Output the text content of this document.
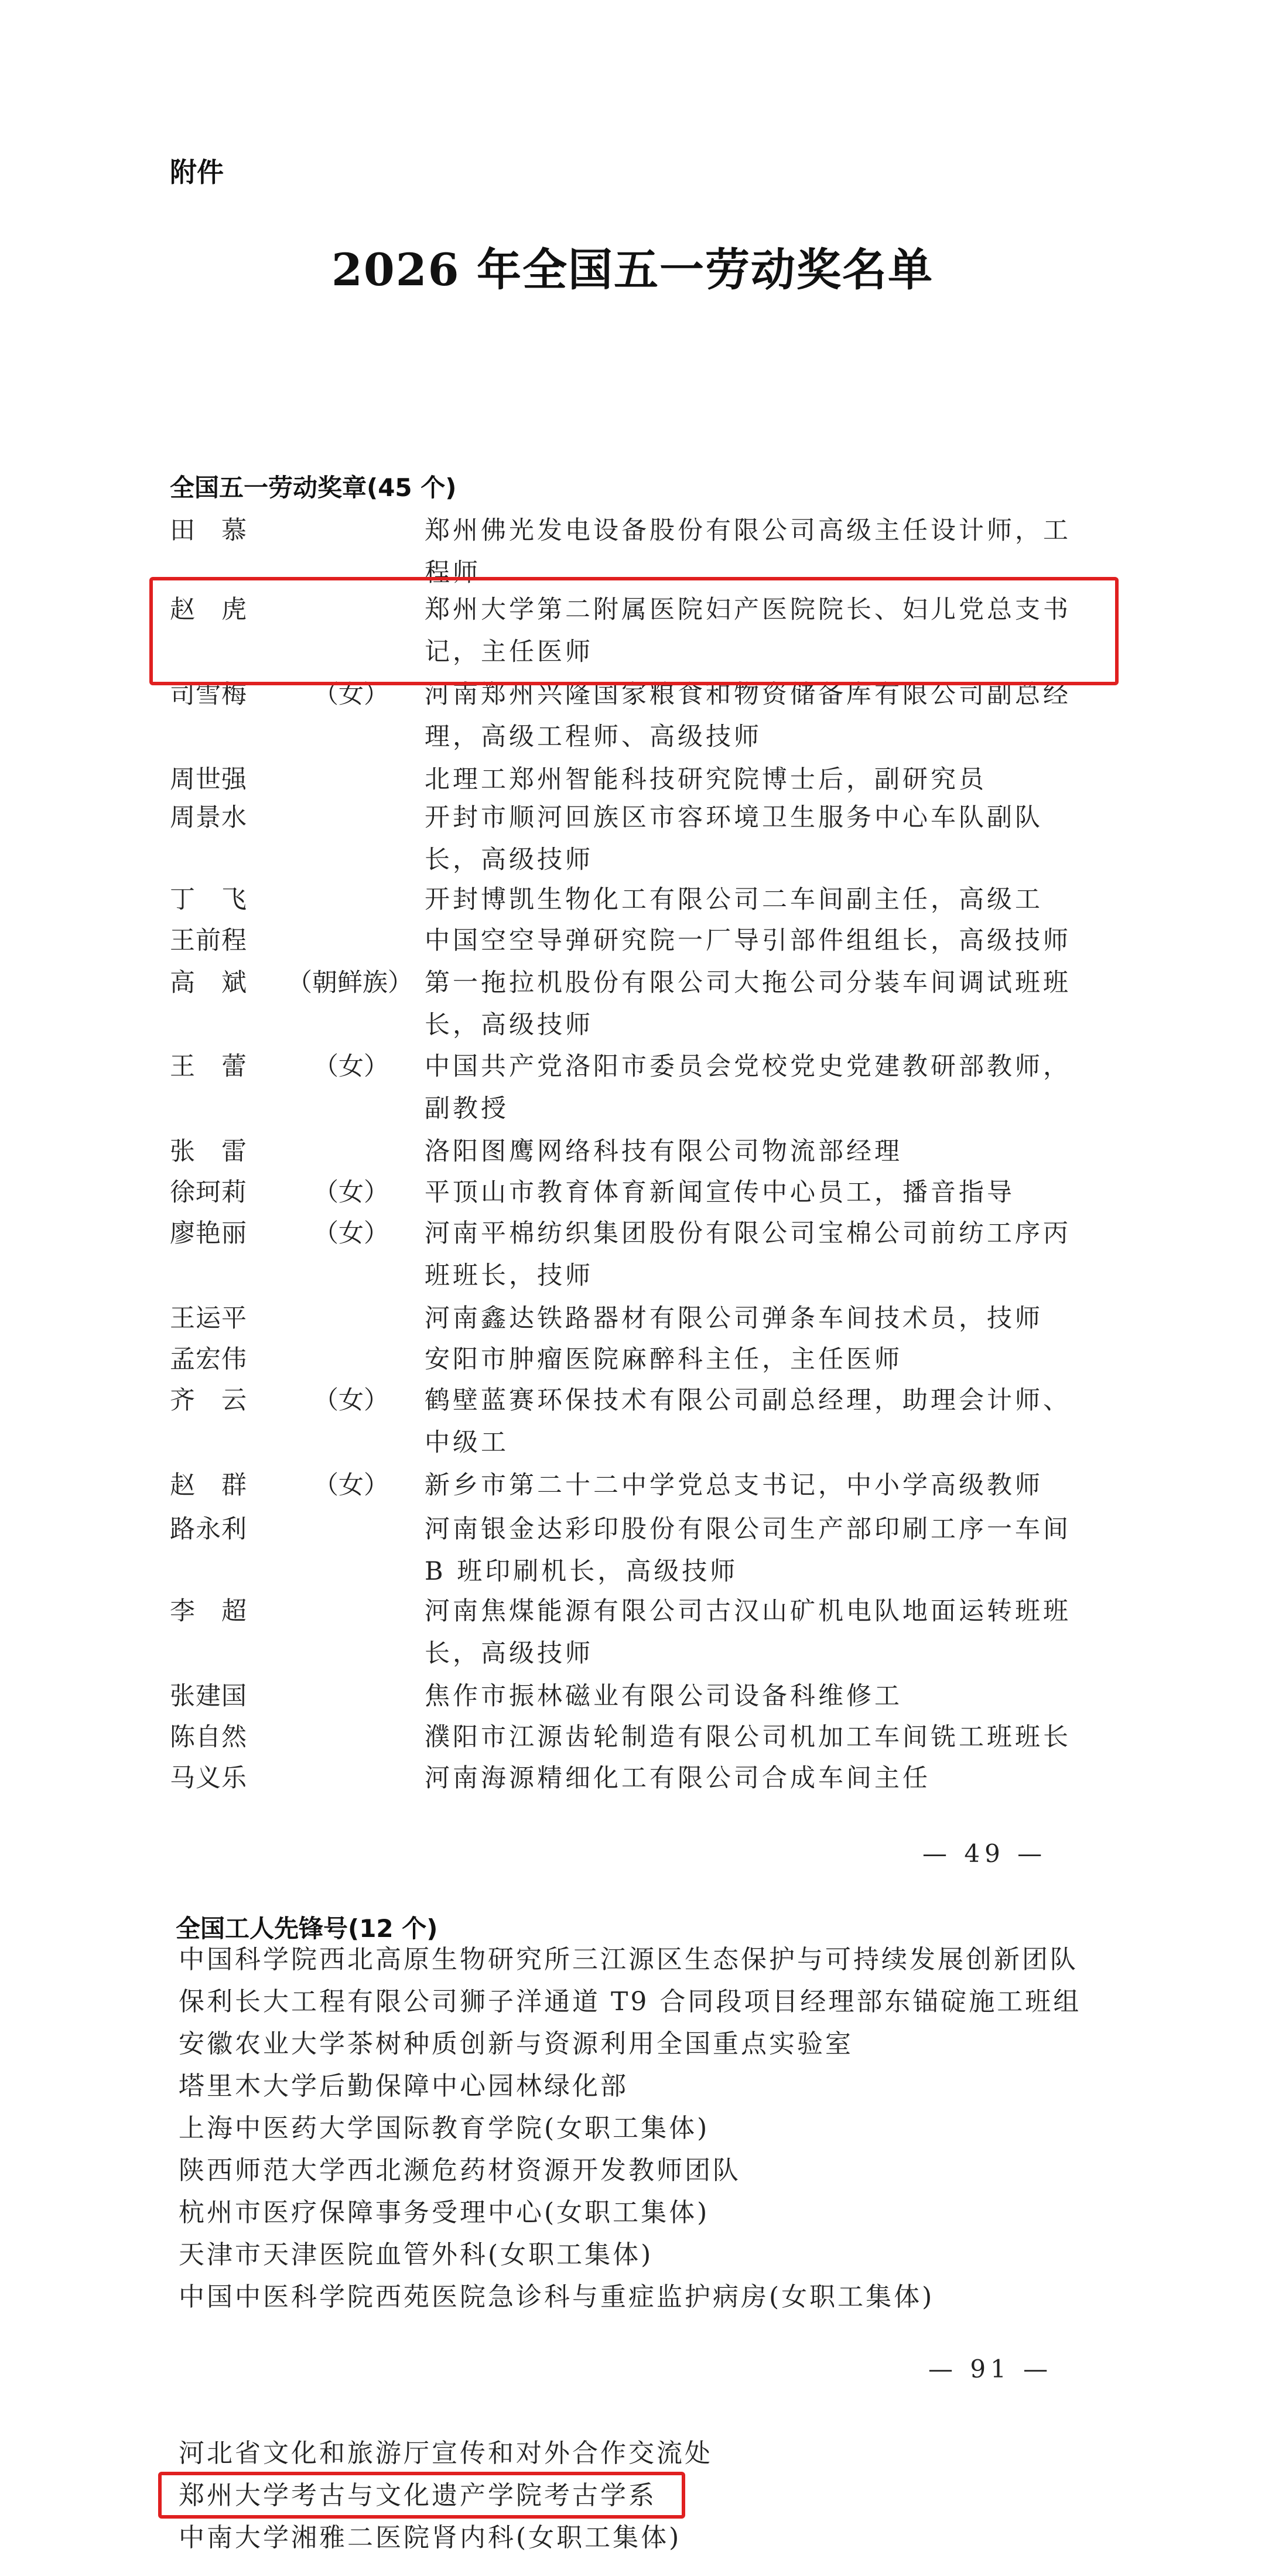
附件
2026 年全国五一劳动奖名单
全国五一劳动奖章(45 个)
田　慕	郑州佛光发电设备股份有限公司高级主任设计师，工程师
赵　虎	郑州大学第二附属医院妇产医院院长、妇儿党总支书记，主任医师
司雪梅	（女）	河南郑州兴隆国家粮食和物资储备库有限公司副总经理，高级工程师、高级技师
周世强	北理工郑州智能科技研究院博士后，副研究员
周景水	开封市顺河回族区市容环境卫生服务中心车队副队长，高级技师
丁　飞	开封博凯生物化工有限公司二车间副主任，高级工
王前程	中国空空导弹研究院一厂导引部件组组长，高级技师
高　斌	（朝鲜族） 第一拖拉机股份有限公司大拖公司分装车间调试班班长，高级技师
王　蕾	（女）	中国共产党洛阳市委员会党校党史党建教研部教师，副教授
张　雷	洛阳图鹰网络科技有限公司物流部经理
徐珂莉	（女）	平顶山市教育体育新闻宣传中心员工，播音指导
廖艳丽	（女）	河南平棉纺织集团股份有限公司宝棉公司前纺工序丙班班长，技师
王运平	河南鑫达铁路器材有限公司弹条车间技术员，技师
孟宏伟	安阳市肿瘤医院麻醉科主任，主任医师
齐　云	（女）	鹤壁蓝赛环保技术有限公司副总经理，助理会计师、中级工
赵　群	（女）	新乡市第二十二中学党总支书记，中小学高级教师
路永利	河南银金达彩印股份有限公司生产部印刷工序一车间 B 班印刷机长，高级技师
李　超	河南焦煤能源有限公司古汉山矿机电队地面运转班班长，高级技师
张建国	焦作市振林磁业有限公司设备科维修工
陈自然	濮阳市江源齿轮制造有限公司机加工车间铣工班班长
马义乐	河南海源精细化工有限公司合成车间主任
— 49 —
全国工人先锋号(12 个)
中国科学院西北高原生物研究所三江源区生态保护与可持续发展创新团队
保利长大工程有限公司狮子洋通道 T9 合同段项目经理部东锚碇施工班组
安徽农业大学茶树种质创新与资源利用全国重点实验室
塔里木大学后勤保障中心园林绿化部
上海中医药大学国际教育学院(女职工集体)
陕西师范大学西北濒危药材资源开发教师团队
杭州市医疗保障事务受理中心(女职工集体)
天津市天津医院血管外科(女职工集体)
中国中医科学院西苑医院急诊科与重症监护病房(女职工集体)
— 91 —
河北省文化和旅游厅宣传和对外合作交流处
郑州大学考古与文化遗产学院考古学系
中南大学湘雅二医院肾内科(女职工集体)
